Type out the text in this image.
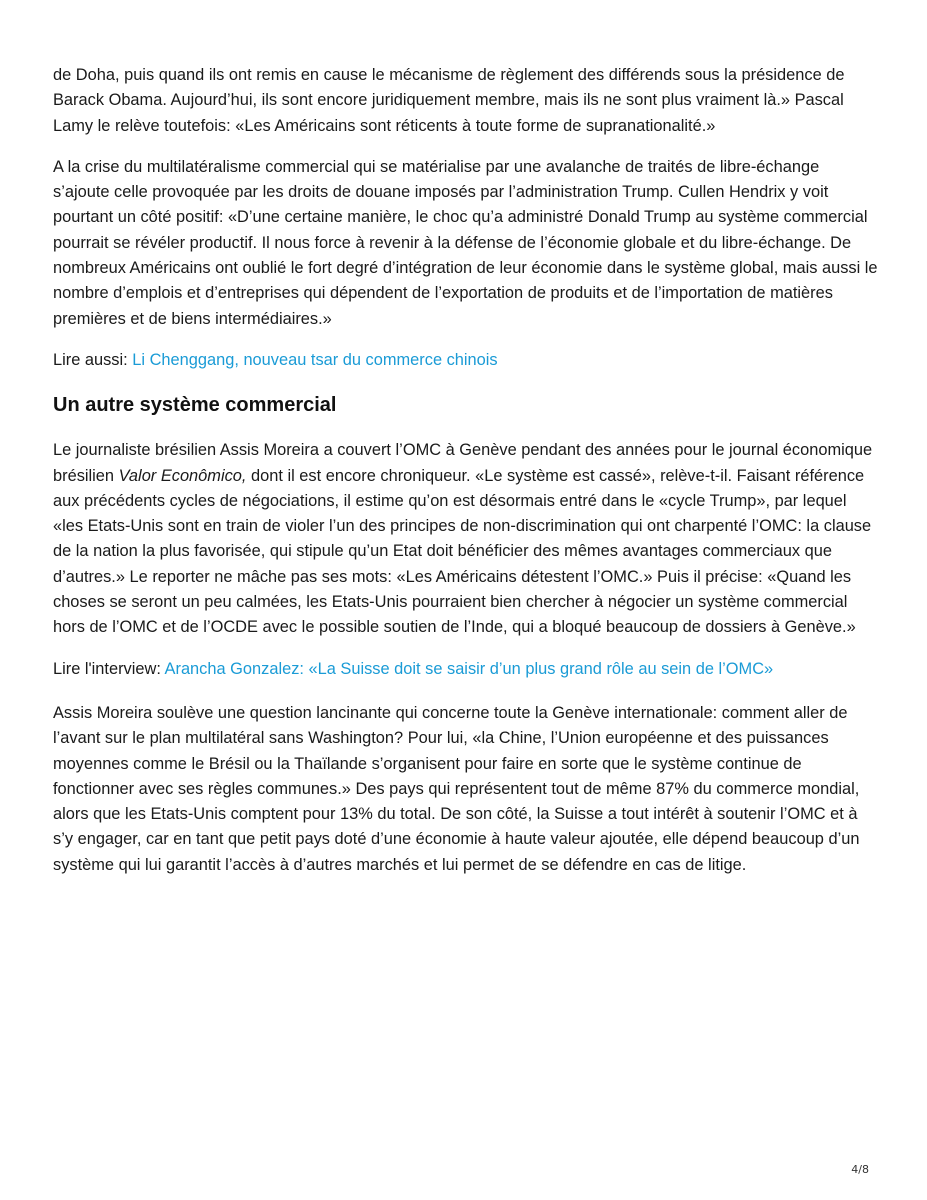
de Doha, puis quand ils ont remis en cause le mécanisme de règlement des différends sous la présidence de Barack Obama. Aujourd’hui, ils sont encore juridiquement membre, mais ils ne sont plus vraiment là.» Pascal Lamy le relève toutefois: «Les Américains sont réticents à toute forme de supranationalité.»

A la crise du multilatéralisme commercial qui se matérialise par une avalanche de traités de libre-échange s’ajoute celle provoquée par les droits de douane imposés par l’administration Trump. Cullen Hendrix y voit pourtant un côté positif: «D’une certaine manière, le choc qu’a administré Donald Trump au système commercial pourrait se révéler productif. Il nous force à revenir à la défense de l’économie globale et du libre-échange. De nombreux Américains ont oublié le fort degré d’intégration de leur économie dans le système global, mais aussi le nombre d’emplois et d’entreprises qui dépendent de l’exportation de produits et de l’importation de matières premières et de biens intermédiaires.»

Lire aussi: Li Chenggang, nouveau tsar du commerce chinois

Un autre système commercial

Le journaliste brésilien Assis Moreira a couvert l’OMC à Genève pendant des années pour le journal économique brésilien Valor Econômico, dont il est encore chroniqueur. «Le système est cassé», relève-t-il. Faisant référence aux précédents cycles de négociations, il estime qu’on est désormais entré dans le «cycle Trump», par lequel «les Etats-Unis sont en train de violer l’un des principes de non-discrimination qui ont charpenté l’OMC: la clause de la nation la plus favorisée, qui stipule qu’un Etat doit bénéficier des mêmes avantages commerciaux que d’autres.» Le reporter ne mâche pas ses mots: «Les Américains détestent l’OMC.» Puis il précise: «Quand les choses se seront un peu calmées, les Etats-Unis pourraient bien chercher à négocier un système commercial hors de l’OMC et de l’OCDE avec le possible soutien de l’Inde, qui a bloqué beaucoup de dossiers à Genève.»

Lire l'interview: Arancha Gonzalez: «La Suisse doit se saisir d’un plus grand rôle au sein de l’OMC»

Assis Moreira soulève une question lancinante qui concerne toute la Genève internationale: comment aller de l’avant sur le plan multilatéral sans Washington? Pour lui, «la Chine, l’Union européenne et des puissances moyennes comme le Brésil ou la Thaïlande s’organisent pour faire en sorte que le système continue de fonctionner avec ses règles communes.» Des pays qui représentent tout de même 87% du commerce mondial, alors que les Etats-Unis comptent pour 13% du total. De son côté, la Suisse a tout intérêt à soutenir l’OMC et à s’y engager, car en tant que petit pays doté d’une économie à haute valeur ajoutée, elle dépend beaucoup d’un système qui lui garantit l’accès à d’autres marchés et lui permet de se défendre en cas de litige.

4/8
